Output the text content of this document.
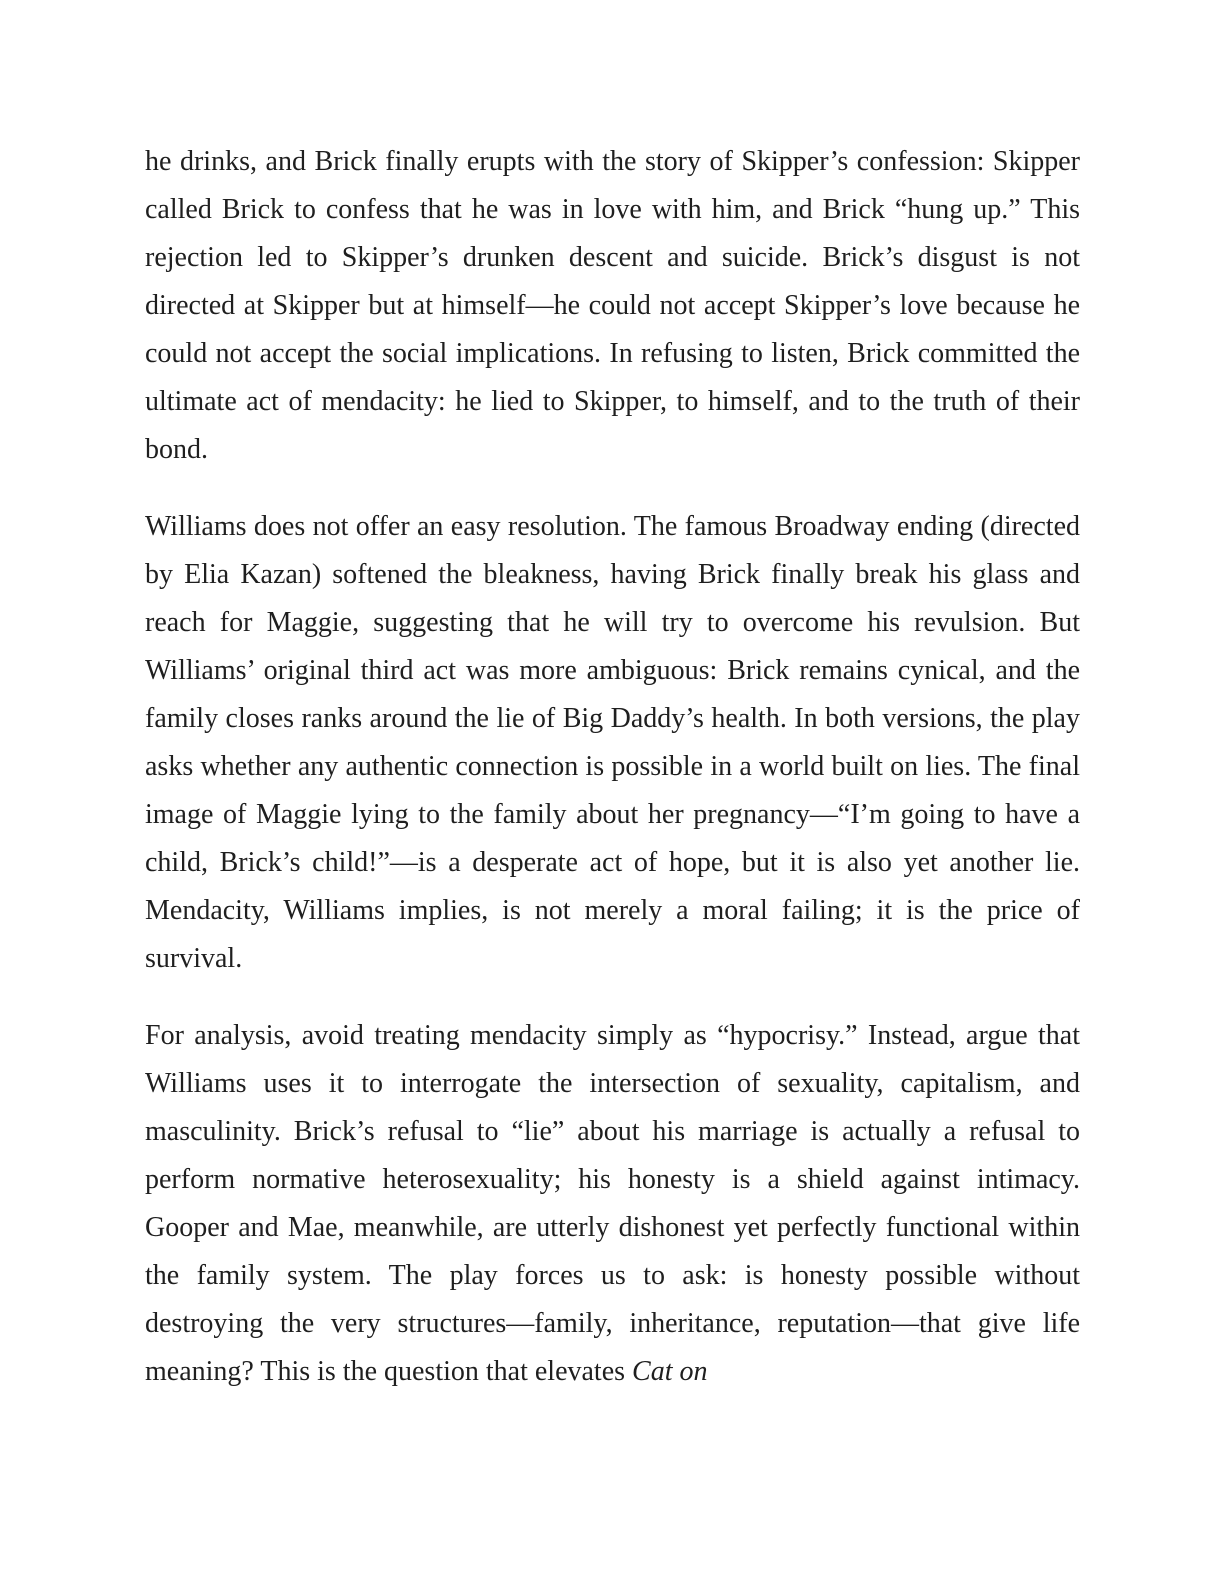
he drinks, and Brick finally erupts with the story of Skipper’s confession: Skipper called Brick to confess that he was in love with him, and Brick “hung up.” This rejection led to Skipper’s drunken descent and suicide. Brick’s disgust is not directed at Skipper but at himself—he could not accept Skipper’s love because he could not accept the social implications. In refusing to listen, Brick committed the ultimate act of mendacity: he lied to Skipper, to himself, and to the truth of their bond.

Williams does not offer an easy resolution. The famous Broadway ending (directed by Elia Kazan) softened the bleakness, having Brick finally break his glass and reach for Maggie, suggesting that he will try to overcome his revulsion. But Williams’ original third act was more ambiguous: Brick remains cynical, and the family closes ranks around the lie of Big Daddy’s health. In both versions, the play asks whether any authentic connection is possible in a world built on lies. The final image of Maggie lying to the family about her pregnancy—“I’m going to have a child, Brick’s child!”—is a desperate act of hope, but it is also yet another lie. Mendacity, Williams implies, is not merely a moral failing; it is the price of survival.

For analysis, avoid treating mendacity simply as “hypocrisy.” Instead, argue that Williams uses it to interrogate the intersection of sexuality, capitalism, and masculinity. Brick’s refusal to “lie” about his marriage is actually a refusal to perform normative heterosexuality; his honesty is a shield against intimacy. Gooper and Mae, meanwhile, are utterly dishonest yet perfectly functional within the family system. The play forces us to ask: is honesty possible without destroying the very structures—family, inheritance, reputation—that give life meaning? This is the question that elevates Cat on
